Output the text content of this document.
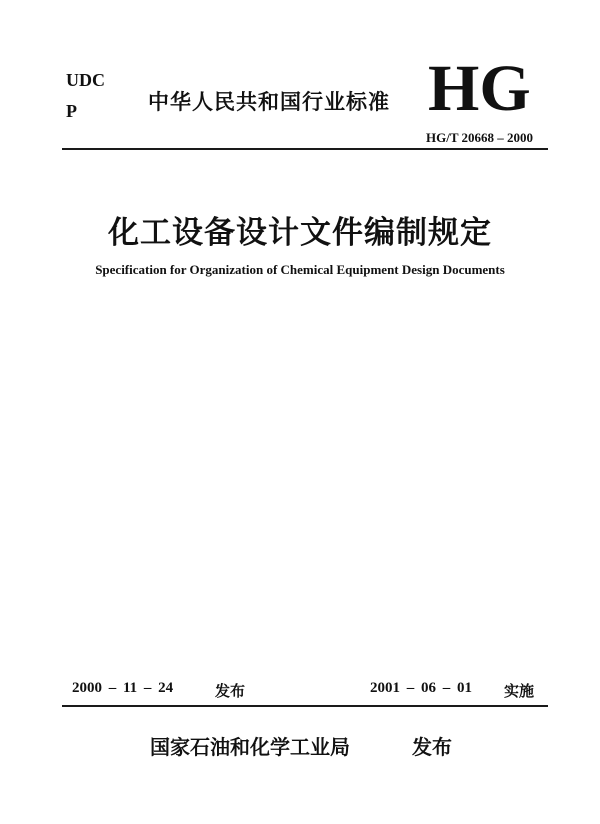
UDC
P	中华人民共和国行业标准 HG
HG/T 20668 – 2000
化工设备设计文件编制规定
Specification for Organization of Chemical Equipment Design Documents
2000 – 11 – 24	发布	2001 – 06 – 01 实施
国家石油和化学工业局	发布
